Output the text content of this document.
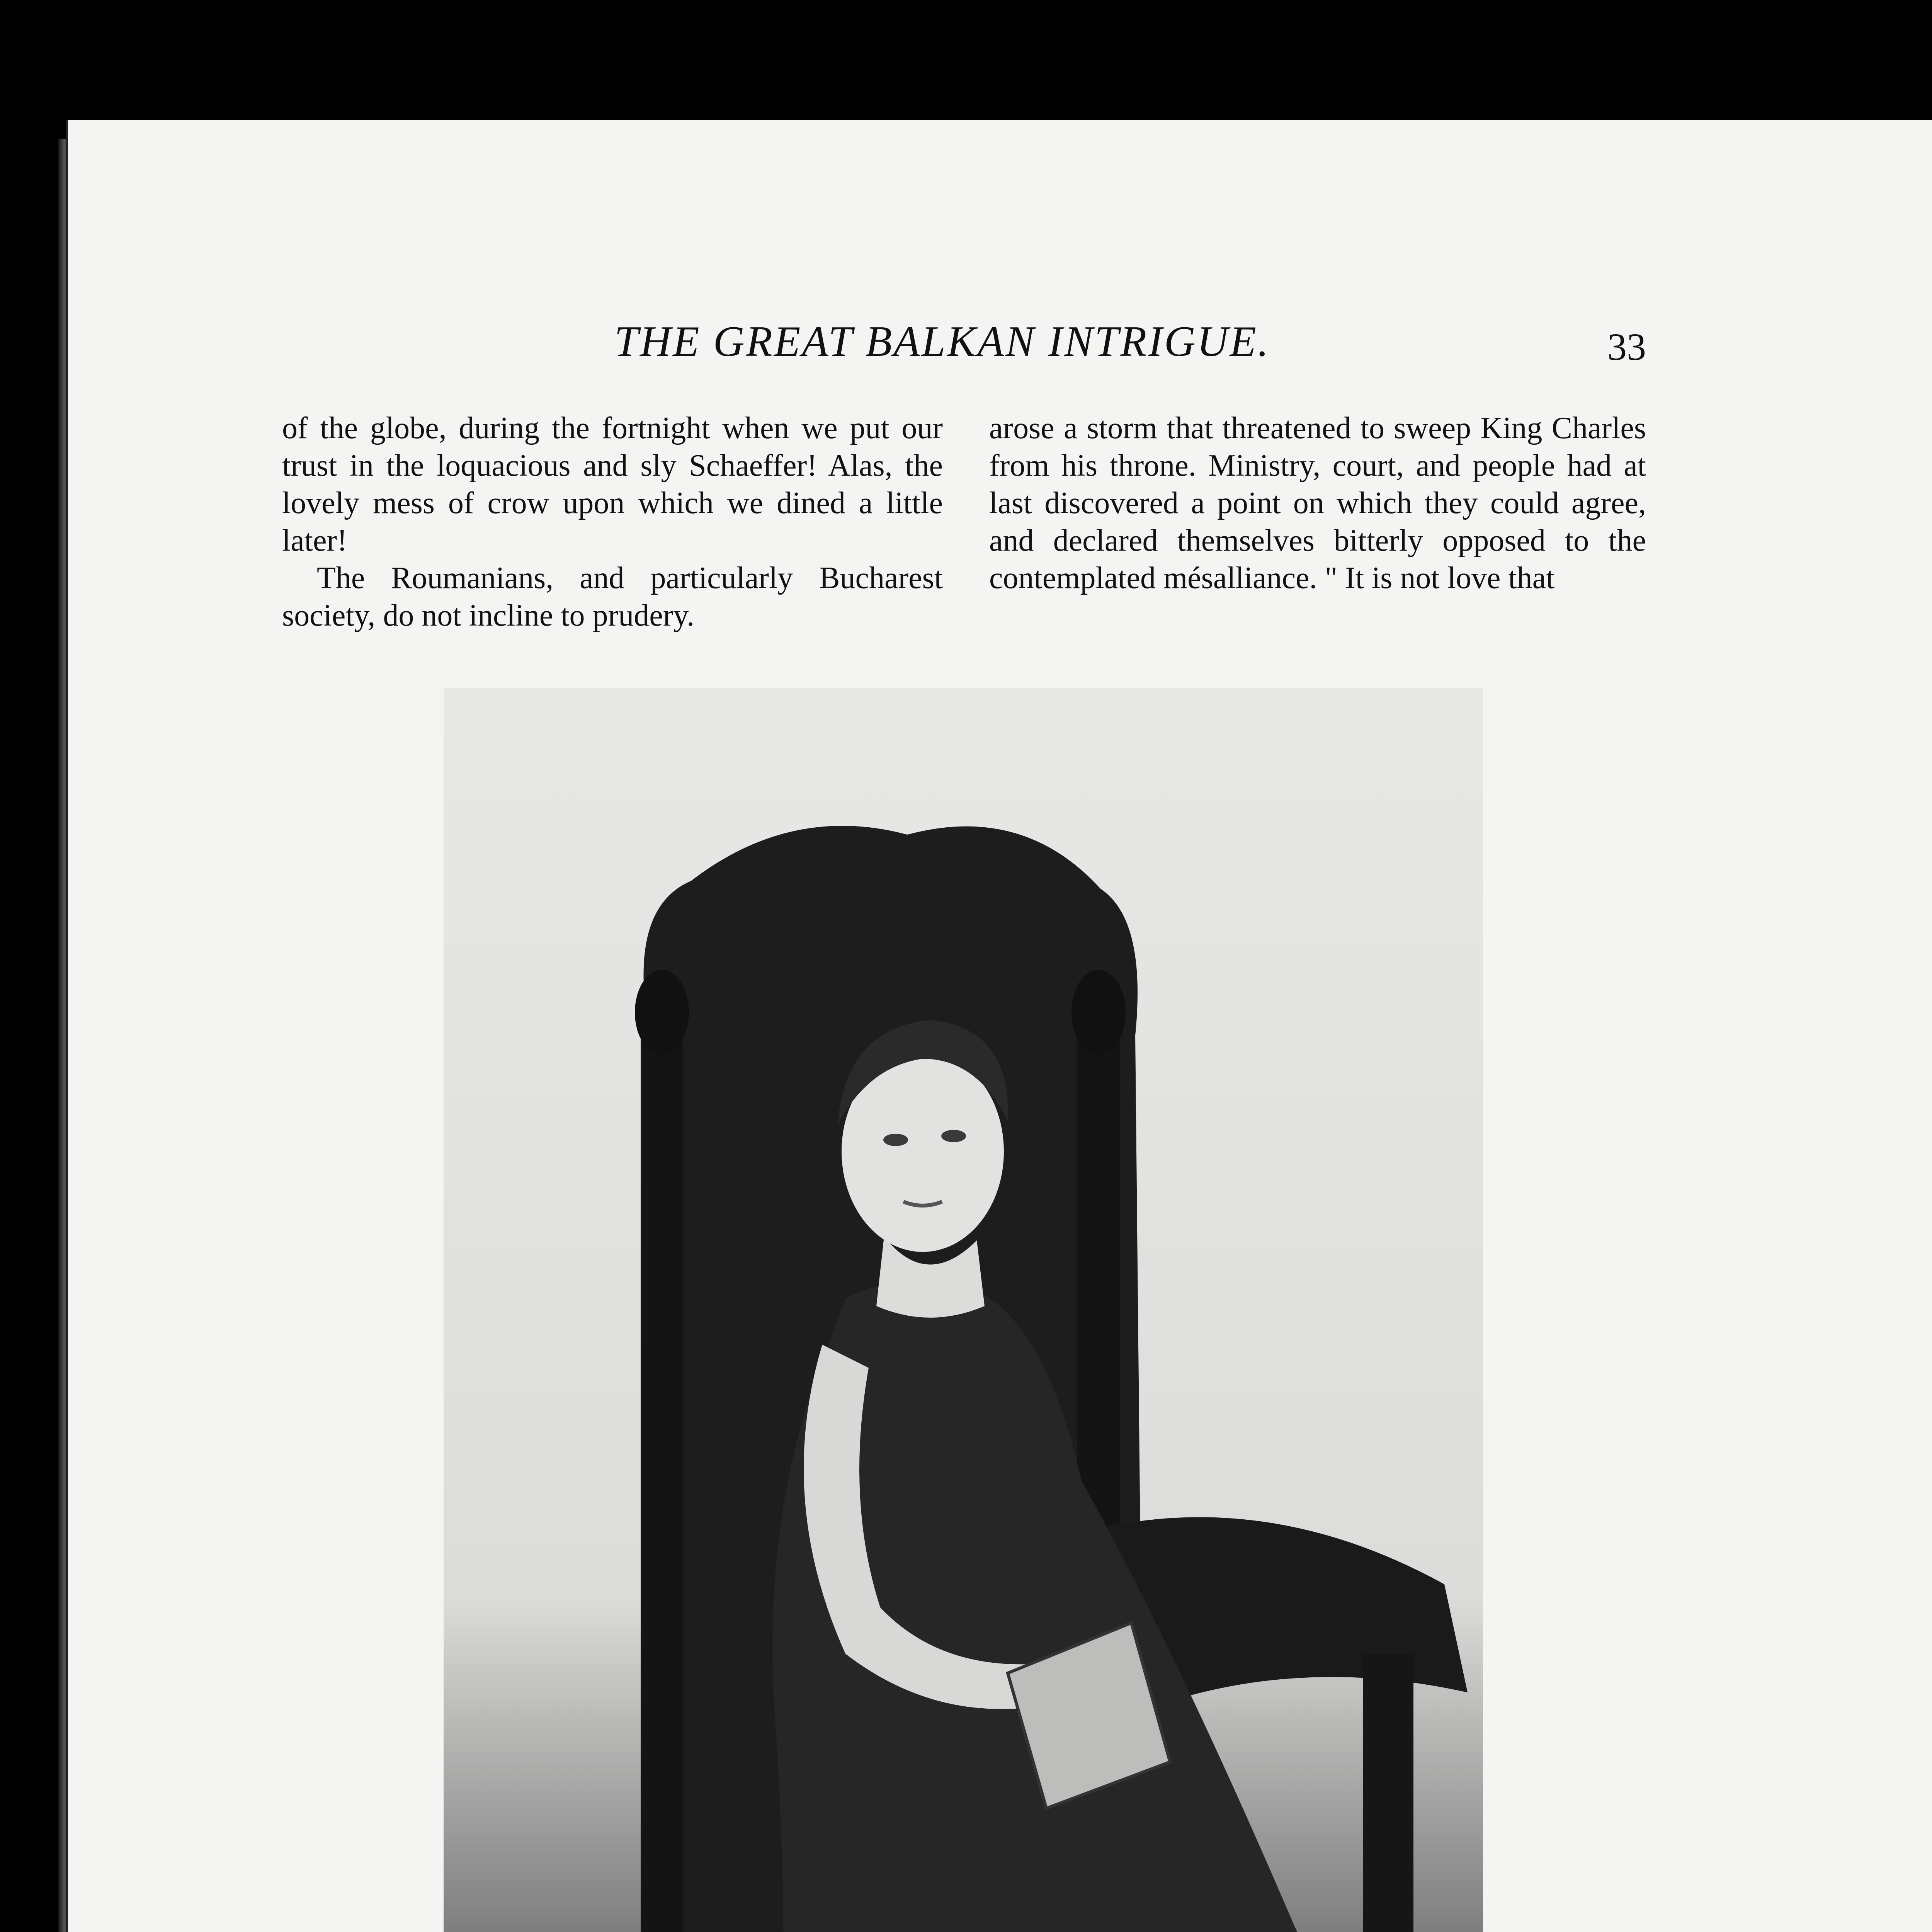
THE GREAT BALKAN INTRIGUE.	33

of the globe, during the fortnight when we put our trust in the loquacious and sly Schaeffer! Alas, the lovely mess of crow upon which we dined a little later!

The Roumanians, and particularly Bucharest society, do not incline to prudery.

arose a storm that threatened to sweep King Charles from his throne. Ministry, court, and people had at last discovered a point on which they could agree, and declared themselves bitterly opposed to the contemplated mésalliance. " It is not love that
